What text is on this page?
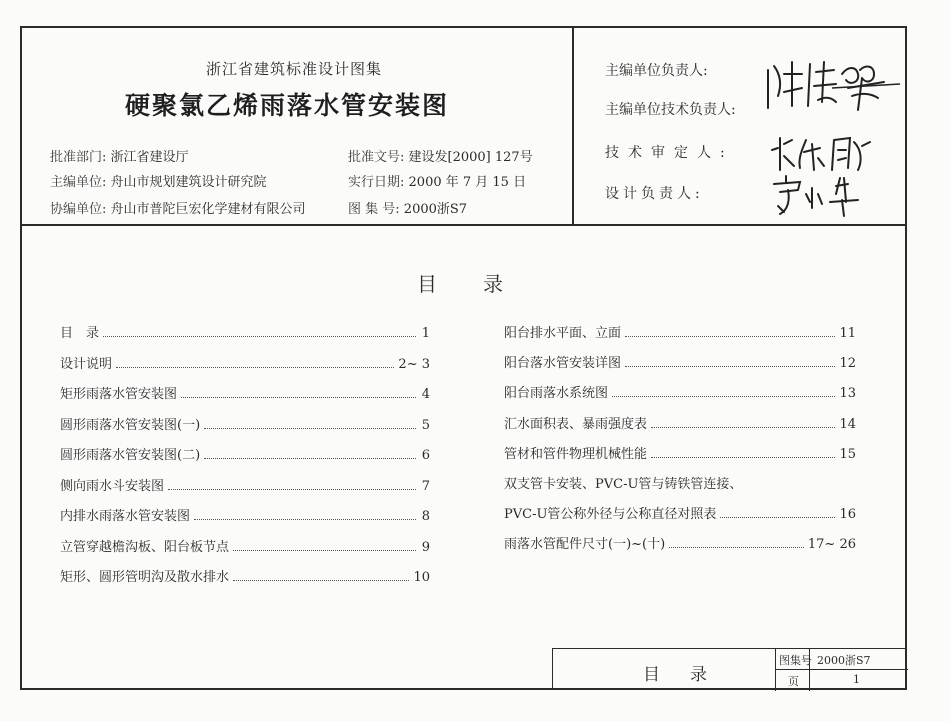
浙江省建筑标准设计图集
硬聚氯乙烯雨落水管安装图
批准部门: 浙江省建设厅
主编单位: 舟山市规划建筑设计研究院
协编单位: 舟山市普陀巨宏化学建材有限公司
批准文号: 建设发[2000] 127号
实行日期: 2000 年 7 月 15 日
图 集 号: 2000浙S7
主编单位负责人:
主编单位技术负责人:
技术审定人:
设计负责人:
目录
目　录	1
设计说明	2~ 3
矩形雨落水管安装图	4
圆形雨落水管安装图(一)	5
圆形雨落水管安装图(二)	6
侧向雨水斗安装图	7
内排水雨落水管安装图	8
立管穿越檐沟板、阳台板节点	9
矩形、圆形管明沟及散水排水	10
阳台排水平面、立面	11
阳台落水管安装详图	12
阳台雨落水系统图	13
汇水面积表、暴雨强度表	14
管材和管件物理机械性能	15
双支管卡安装、PVC-U管与铸铁管连接、
PVC-U管公称外径与公称直径对照表	16
雨落水管配件尺寸(一)~(十)	17~ 26
目录
图集号 2000浙S7
页	1
